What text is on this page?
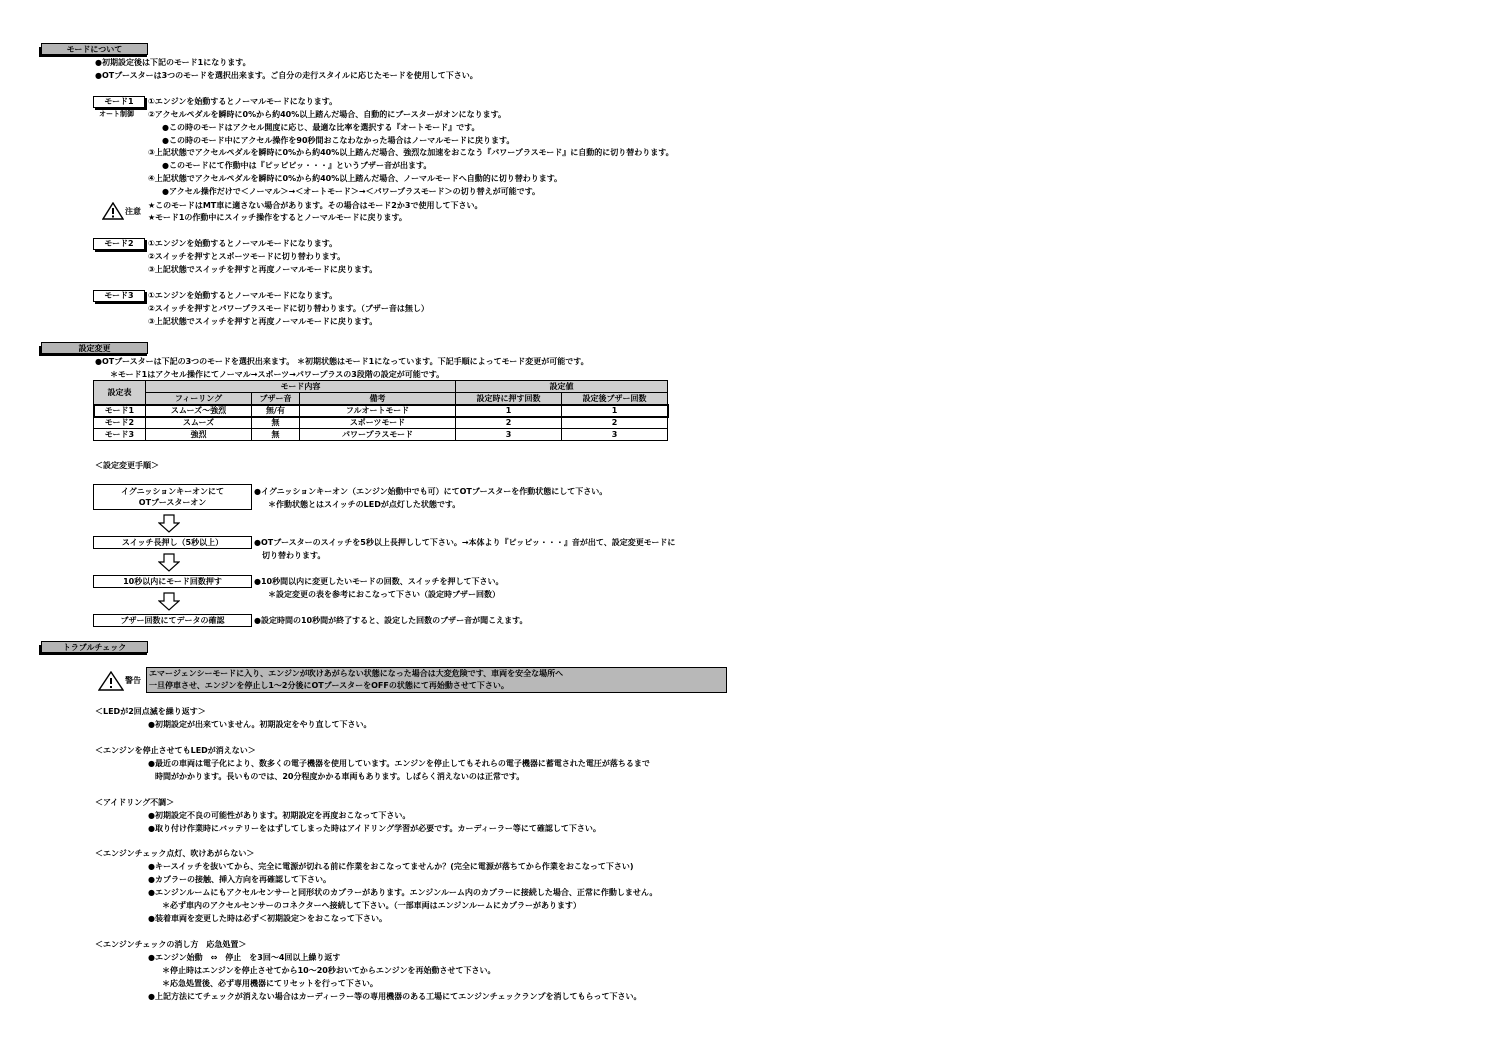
モードについて
●初期設定後は下記のモード1になります。
●OTブースターは3つのモードを選択出来ます。ご自分の走行スタイルに応じたモードを使用して下さい。
モード1
オート制御
①エンジンを始動するとノーマルモードになります。
②アクセルペダルを瞬時に0%から約40%以上踏んだ場合、自動的にブースターがオンになります。
●この時のモードはアクセル開度に応じ、最適な比率を選択する『オートモード』です。
●この時のモード中にアクセル操作を90秒間おこなわなかった場合はノーマルモードに戻ります。
③上記状態でアクセルペダルを瞬時に0%から約40%以上踏んだ場合、強烈な加速をおこなう『パワープラスモード』に自動的に切り替わります。
●このモードにて作動中は『ピッピピッ・・・』というブザー音が出ます。
④上記状態でアクセルペダルを瞬時に0%から約40%以上踏んだ場合、ノーマルモードへ自動的に切り替わります。
●アクセル操作だけで＜ノーマル＞→＜オートモード＞→＜パワープラスモード＞の切り替えが可能です。
注意
★このモードはMT車に適さない場合があります。その場合はモード2か3で使用して下さい。
★モード1の作動中にスイッチ操作をするとノーマルモードに戻ります。
モード2	①エンジンを始動するとノーマルモードになります。
②スイッチを押すとスポーツモードに切り替わります。
③上記状態でスイッチを押すと再度ノーマルモードに戻ります。
モード3	①エンジンを始動するとノーマルモードになります。
②スイッチを押すとパワープラスモードに切り替わります。（ブザー音は無し）
③上記状態でスイッチを押すと再度ノーマルモードに戻ります。
設定変更
●OTブースターは下記の3つのモードを選択出来ます。 ＊初期状態はモード1になっています。下記手順によってモード変更が可能です。
＊モード1はアクセル操作にてノーマル→スポーツ→パワープラスの3段階の設定が可能です。
設定表	モード内容			設定値	
	フィーリング	ブザー音	備考	設定時に押す回数	設定後ブザー回数
モード1	スムーズ～強烈	無/有	フルオートモード	1	1
モード2	スムーズ	無	スポーツモード	2	2
モード3	強烈	無	パワープラスモード	3	3
＜設定変更手順＞
イグニッションキーオンにて
OTブースターオン
●イグニッションキーオン（エンジン始動中でも可）にてOTブースターを作動状態にして下さい。
＊作動状態とはスイッチのLEDが点灯した状態です。
スイッチ長押し（5秒以上）	●OTブースターのスイッチを5秒以上長押しして下さい。→本体より『ピッピッ・・・』音が出て、設定変更モードに
切り替わります。
10秒以内にモード回数押す	●10秒間以内に変更したいモードの回数、スイッチを押して下さい。
＊設定変更の表を参考におこなって下さい（設定時ブザー回数）
ブザー回数にてデータの確認	●設定時間の10秒間が終了すると、設定した回数のブザー音が聞こえます。
トラブルチェック
警告
エマージェンシーモードに入り、エンジンが吹けあがらない状態になった場合は大変危険です、車両を安全な場所へ
一旦停車させ、エンジンを停止し1～2分後にOTブースターをOFFの状態にて再始動させて下さい。
＜LEDが2回点滅を繰り返す＞
●初期設定が出来ていません。初期設定をやり直して下さい。
＜エンジンを停止させてもLEDが消えない＞
●最近の車両は電子化により、数多くの電子機器を使用しています。エンジンを停止してもそれらの電子機器に蓄電された電圧が落ちるまで
時間がかかります。長いものでは、20分程度かかる車両もあります。しばらく消えないのは正常です。
＜アイドリング不調＞
●初期設定不良の可能性があります。初期設定を再度おこなって下さい。
●取り付け作業時にバッテリーをはずしてしまった時はアイドリング学習が必要です。カーディーラー等にて確認して下さい。
＜エンジンチェック点灯、吹けあがらない＞
●キースイッチを抜いてから、完全に電源が切れる前に作業をおこなってませんか？(完全に電源が落ちてから作業をおこなって下さい)
●カプラーの接触、挿入方向を再確認して下さい。
●エンジンルームにもアクセルセンサーと同形状のカプラーがあります。エンジンルーム内のカプラーに接続した場合、正常に作動しません。
＊必ず車内のアクセルセンサーのコネクターへ接続して下さい。（一部車両はエンジンルームにカプラーがあります）
●装着車両を変更した時は必ず＜初期設定＞をおこなって下さい。
＜エンジンチェックの消し方　応急処置＞
●エンジン始動　⇔　停止　を3回～4回以上繰り返す
＊停止時はエンジンを停止させてから10～20秒おいてからエンジンを再始動させて下さい。
＊応急処置後、必ず専用機器にてリセットを行って下さい。
●上記方法にてチェックが消えない場合はカーディーラー等の専用機器のある工場にてエンジンチェックランプを消してもらって下さい。
